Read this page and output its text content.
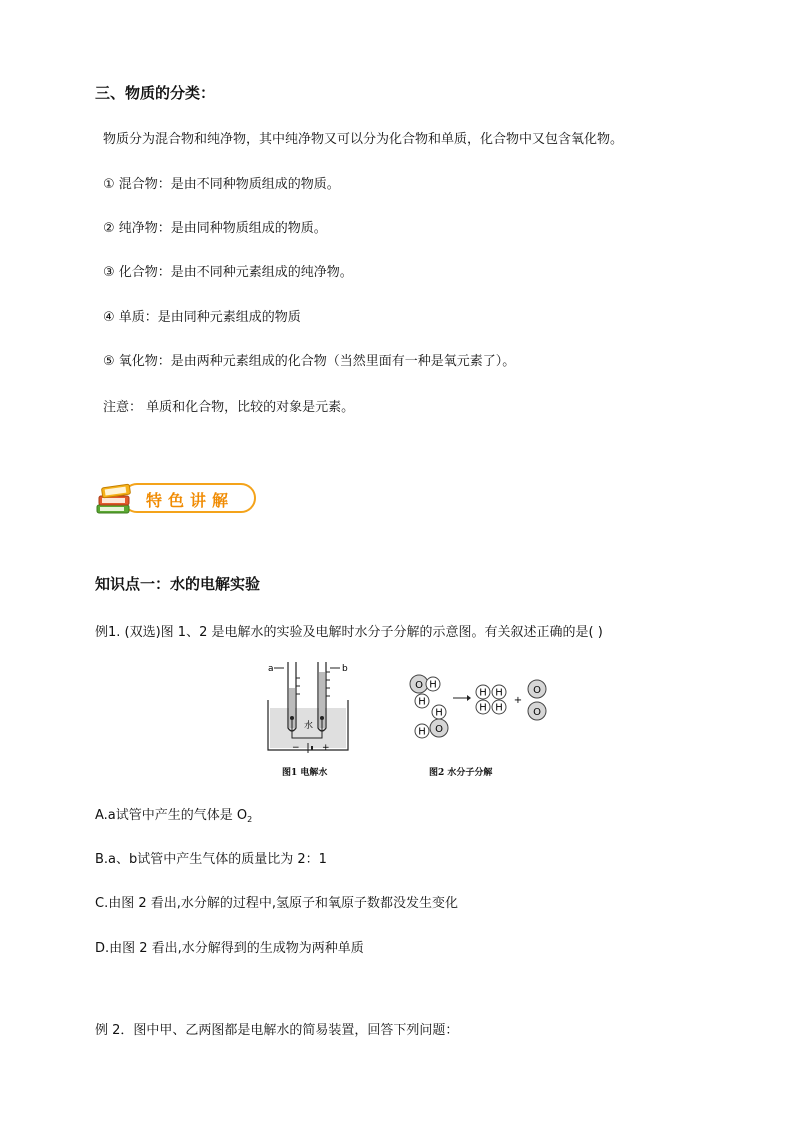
三、物质的分类：
物质分为混合物和纯净物，其中纯净物又可以分为化合物和单质，化合物中又包含氧化物。
① 混合物：是由不同种物质组成的物质。
② 纯净物：是由同种物质组成的物质。
③ 化合物：是由不同种元素组成的纯净物。
④ 单质：是由同种元素组成的物质
⑤ 氧化物：是由两种元素组成的化合物（当然里面有一种是氧元素了）。
注意： 单质和化合物，比较的对象是元素。
特色讲解
知识点一：水的电解实验
例1. (双选)图 1、2 是电解水的实验及电解时水分子分解的示意图。有关叙述正确的是( )
a	b
水
− +
图1 电解水
O H
H
H
H O
H H
H H
+
O
O
图2 水分子分解
A.a试管中产生的气体是 $O_2$
B.a、b试管中产生气体的质量比为 2：1
C.由图 2 看出,水分解的过程中,氢原子和氧原子数都没发生变化
D.由图 2 看出,水分解得到的生成物为两种单质
例 2．图中甲、乙两图都是电解水的简易装置，回答下列问题：
